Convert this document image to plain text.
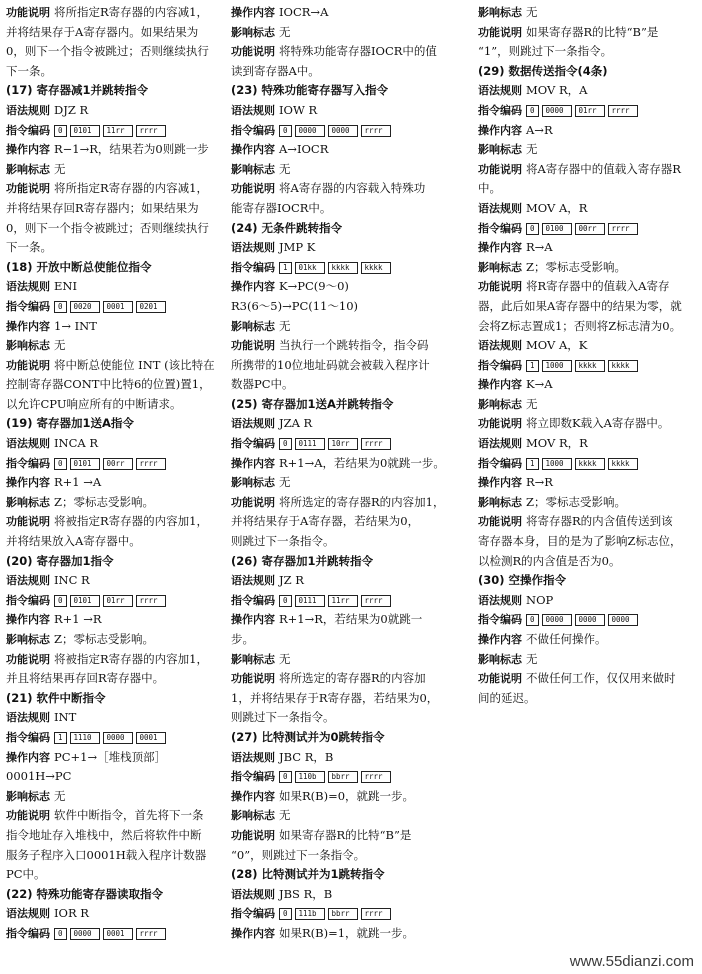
功能说明 将所指定R寄存器的内容减1，
并将结果存于A寄存器内。如果结果为
0，则下一个指令被跳过；否则继续执行
下一条。
(17) 寄存器减1并跳转指令
语法规则 DJZ R
指令编码 0 0101 11rr rrrr
操作内容 R−1→R，结果若为0则跳一步
影响标志 无
功能说明 将所指定R寄存器的内容减1，
并将结果存回R寄存器内；如果结果为
0，则下一个指令被跳过；否则继续执行
下一条。
(18) 开放中断总使能位指令
语法规则 ENI
指令编码 0 0020 0001 0201
操作内容 1→ INT
影响标志 无
功能说明 将中断总使能位 INT (该比特在
控制寄存器CONT中比特6的位置)置1，
以允许CPU响应所有的中断请求。
(19) 寄存器加1送A指令
语法规则 INCA R
指令编码 0 0101 00rr rrrr
操作内容 R+1 →A
影响标志 Z；零标志受影响。
功能说明 将被指定R寄存器的内容加1，
并将结果放入A寄存器中。
(20) 寄存器加1指令
语法规则 INC R
指令编码 0 0101 01rr rrrr
操作内容 R+1 →R
影响标志 Z；零标志受影响。
功能说明 将被指定R寄存器的内容加1，
并且将结果再存回R寄存器中。
(21) 软件中断指令
语法规则 INT
指令编码 1 1110 0000 0001
操作内容 PC+1→［堆栈顶部］
0001H→PC
影响标志 无
功能说明 软件中断指令，首先将下一条
指令地址存入堆栈中，然后将软件中断
服务子程序入口0001H载入程序计数器
PC中。
(22) 特殊功能寄存器读取指令
语法规则 IOR R
指令编码 0 0000 0001 rrrr
操作内容 IOCR→A
影响标志 无
功能说明 将特殊功能寄存器IOCR中的值
读到寄存器A中。
(23) 特殊功能寄存器写入指令
语法规则 IOW R
指令编码 0 0000 0000 rrrr
操作内容 A→IOCR
影响标志 无
功能说明 将A寄存器的内容载入特殊功
能寄存器IOCR中。
(24) 无条件跳转指令
语法规则 JMP K
指令编码 1 01kk kkkk kkkk
操作内容 K→PC(9～0)
R3(6～5)→PC(11～10)
影响标志 无
功能说明 当执行一个跳转指令，指令码
所携带的10位地址码就会被载入程序计
数器PC中。
(25) 寄存器加1送A并跳转指令
语法规则 JZA R
指令编码 0 0111 10rr rrrr
操作内容 R+1→A，若结果为0就跳一步。
影响标志 无
功能说明 将所选定的寄存器R的内容加1，
并将结果存于A寄存器，若结果为0，
则跳过下一条指令。
(26) 寄存器加1并跳转指令
语法规则 JZ R
指令编码 0 0111 11rr rrrr
操作内容 R+1→R，若结果为0就跳一
步。
影响标志 无
功能说明 将所选定的寄存器R的内容加
1，并将结果存于R寄存器，若结果为0，
则跳过下一条指令。
(27) 比特测试并为0跳转指令
语法规则 JBC R，B
指令编码 0 110b bbrr rrrr
操作内容 如果R(B)=0，就跳一步。
影响标志 无
功能说明 如果寄存器R的比特“B”是
“0”，则跳过下一条指令。
(28) 比特测试并为1跳转指令
语法规则 JBS R，B
指令编码 0 111b bbrr rrrr
操作内容 如果R(B)=1，就跳一步。
影响标志 无
功能说明 如果寄存器R的比特“B”是
“1”，则跳过下一条指令。
(29) 数据传送指令(4条)
语法规则 MOV R，A
指令编码 0 0000 01rr rrrr
操作内容 A→R
影响标志 无
功能说明 将A寄存器中的值载入寄存器R
中。
语法规则 MOV A，R
指令编码 0 0100 00rr rrrr
操作内容 R→A
影响标志 Z；零标志受影响。
功能说明 将R寄存器中的值载入A寄存
器，此后如果A寄存器中的结果为零，就
会将Z标志置成1；否则将Z标志清为0。
语法规则 MOV A，K
指令编码 1 1000 kkkk kkkk
操作内容 K→A
影响标志 无
功能说明 将立即数K载入A寄存器中。
语法规则 MOV R，R
指令编码 1 1000 kkkk kkkk
操作内容 R→R
影响标志 Z；零标志受影响。
功能说明 将寄存器R的内含值传送到该
寄存器本身，目的是为了影响Z标志位，
以检测R的内含值是否为0。
(30) 空操作指令
语法规则 NOP
指令编码 0 0000 0000 0000
操作内容 不做任何操作。
影响标志 无
功能说明 不做任何工作，仅仅用来做时
间的延迟。
www.55dianzi.com
